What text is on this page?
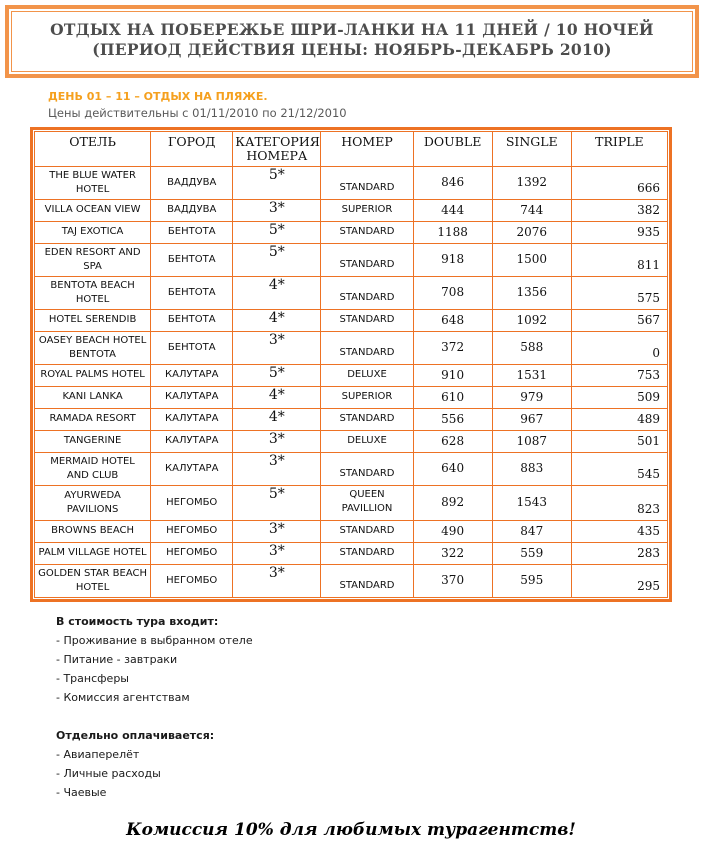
ОТДЫХ НА ПОБЕРЕЖЬЕ ШРИ-ЛАНКИ НА 11 ДНЕЙ / 10 НОЧЕЙ
(ПЕРИОД ДЕЙСТВИЯ ЦЕНЫ: НОЯБРЬ-ДЕКАБРЬ 2010)
ДЕНЬ 01 – 11 – ОТДЫХ НА ПЛЯЖЕ.
Цены действительны с 01/11/2010 по 21/12/2010
ОТЕЛЬ	ГОРОД	КАТЕГОРИЯ НОМЕРА	НОМЕР	DOUBLE	SINGLE	TRIPLE
THE BLUE WATER HOTEL	ВАДДУВА	5*	STANDARD	846	1392	666
VILLA OCEAN VIEW	ВАДДУВА	3*	SUPERIOR	444	744	382
TAJ EXOTICA	БЕНТОТА	5*	STANDARD	1188	2076	935
EDEN RESORT AND SPA	БЕНТОТА	5*	STANDARD	918	1500	811
BENTOTA BEACH HOTEL	БЕНТОТА	4*	STANDARD	708	1356	575
HOTEL SERENDIB	БЕНТОТА	4*	STANDARD	648	1092	567
OASEY BEACH HOTEL BENTOTA	БЕНТОТА	3*	STANDARD	372	588	0
ROYAL PALMS HOTEL	КАЛУТАРА	5*	DELUXE	910	1531	753
KANI LANKA	КАЛУТАРА	4*	SUPERIOR	610	979	509
RAMADA RESORT	КАЛУТАРА	4*	STANDARD	556	967	489
TANGERINE	КАЛУТАРА	3*	DELUXE	628	1087	501
MERMAID HOTEL AND CLUB	КАЛУТАРА	3*	STANDARD	640	883	545
AYURWEDA PAVILIONS	НЕГОМБО	5*	QUEEN PAVILLION	892	1543	823
BROWNS BEACH	НЕГОМБО	3*	STANDARD	490	847	435
PALM VILLAGE HOTEL	НЕГОМБО	3*	STANDARD	322	559	283
GOLDEN STAR BEACH HOTEL	НЕГОМБО	3*	STANDARD	370	595	295
В стоимость тура входит:
- Проживание в выбранном отеле
- Питание - завтраки
- Трансферы
- Комиссия агентствам
Отдельно оплачивается:
- Авиаперелёт
- Личные расходы
- Чаевые
Комиссия 10% для любимых турагентств!
